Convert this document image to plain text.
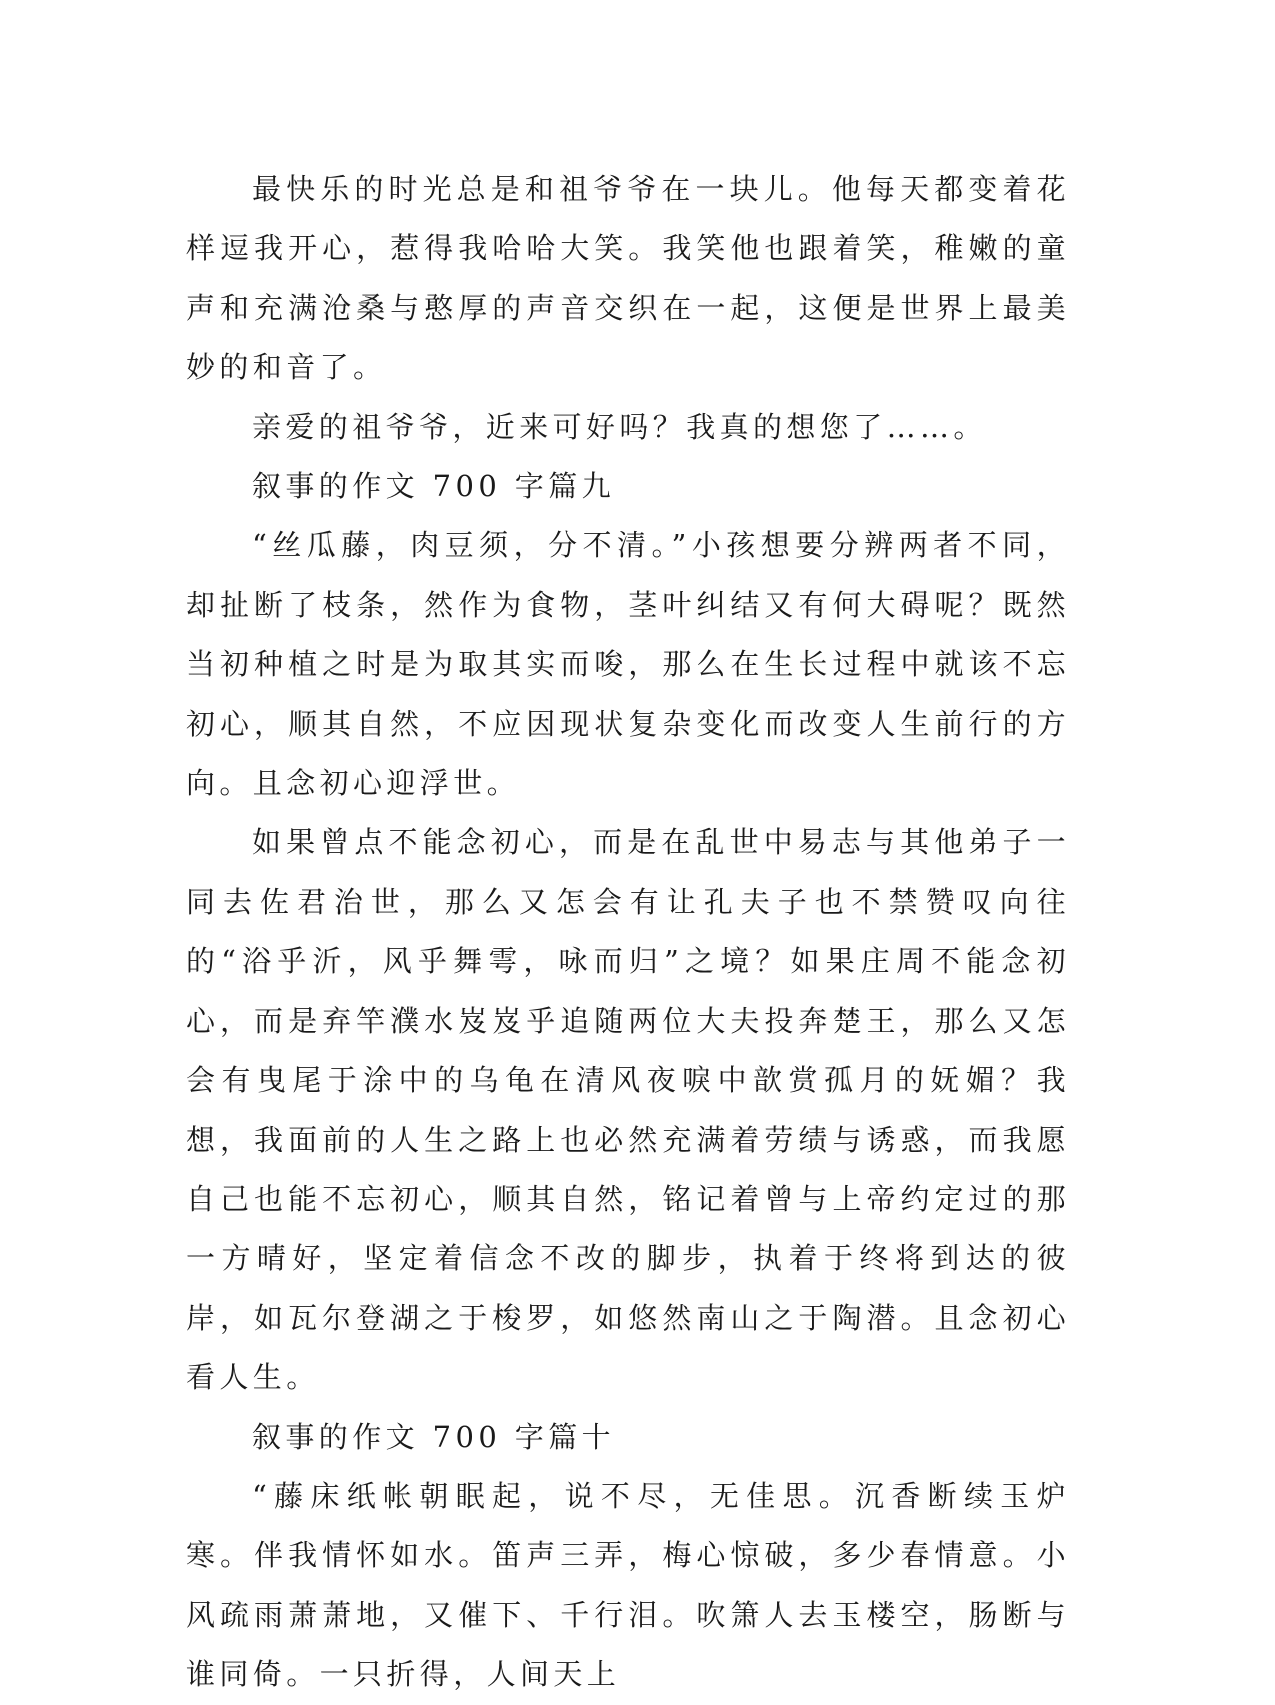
最快乐的时光总是和祖爷爷在一块儿。他每天都变着花样逗我开心，惹得我哈哈大笑。我笑他也跟着笑，稚嫩的童声和充满沧桑与憨厚的声音交织在一起，这便是世界上最美妙的和音了。

亲爱的祖爷爷，近来可好吗？我真的想您了……。

叙事的作文 700 字篇九

“丝瓜藤，肉豆须，分不清。”小孩想要分辨两者不同，却扯断了枝条，然作为食物，茎叶纠结又有何大碍呢？既然当初种植之时是为取其实而唆，那么在生长过程中就该不忘初心，顺其自然，不应因现状复杂变化而改变人生前行的方向。且念初心迎浮世。

如果曾点不能念初心，而是在乱世中易志与其他弟子一同去佐君治世，那么又怎会有让孔夫子也不禁赞叹向往的“浴乎沂，风乎舞雩，咏而归”之境？如果庄周不能念初心，而是弃竿濮水岌岌乎追随两位大夫投奔楚王，那么又怎会有曳尾于涂中的乌龟在清风夜唳中歆赏孤月的妩媚？我想，我面前的人生之路上也必然充满着劳绩与诱惑，而我愿自己也能不忘初心，顺其自然，铭记着曾与上帝约定过的那一方晴好，坚定着信念不改的脚步，执着于终将到达的彼岸，如瓦尔登湖之于梭罗，如悠然南山之于陶潜。且念初心看人生。

叙事的作文 700 字篇十

“藤床纸帐朝眠起，说不尽，无佳思。沉香断续玉炉寒。伴我情怀如水。笛声三弄，梅心惊破，多少春情意。小风疏雨萧萧地，又催下、千行泪。吹箫人去玉楼空，肠断与谁同倚。一只折得，人间天上
